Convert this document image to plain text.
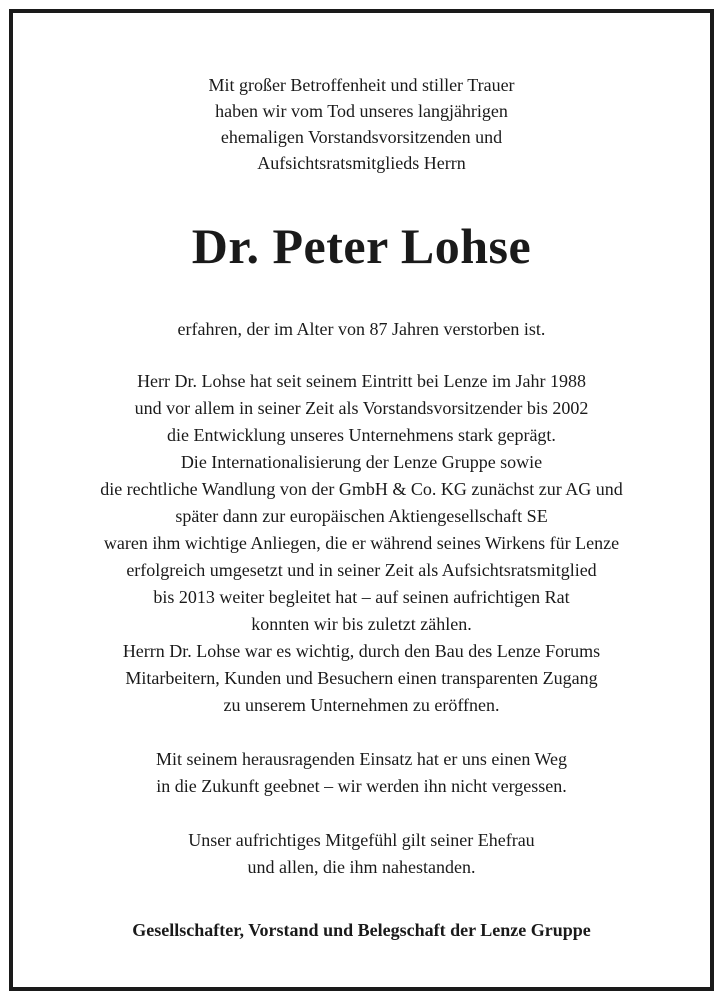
Mit großer Betroffenheit und stiller Trauer
haben wir vom Tod unseres langjährigen
ehemaligen Vorstandsvorsitzenden und
Aufsichtsratsmitglieds Herrn
Dr. Peter Lohse
erfahren, der im Alter von 87 Jahren verstorben ist.
Herr Dr. Lohse hat seit seinem Eintritt bei Lenze im Jahr 1988
und vor allem in seiner Zeit als Vorstandsvorsitzender bis 2002
die Entwicklung unseres Unternehmens stark geprägt.
Die Internationalisierung der Lenze Gruppe sowie
die rechtliche Wandlung von der GmbH & Co. KG zunächst zur AG und
später dann zur europäischen Aktiengesellschaft SE
waren ihm wichtige Anliegen, die er während seines Wirkens für Lenze
erfolgreich umgesetzt und in seiner Zeit als Aufsichtsratsmitglied
bis 2013 weiter begleitet hat – auf seinen aufrichtigen Rat
konnten wir bis zuletzt zählen.
Herrn Dr. Lohse war es wichtig, durch den Bau des Lenze Forums
Mitarbeitern, Kunden und Besuchern einen transparenten Zugang
zu unserem Unternehmen zu eröffnen.
Mit seinem herausragenden Einsatz hat er uns einen Weg
in die Zukunft geebnet – wir werden ihn nicht vergessen.
Unser aufrichtiges Mitgefühl gilt seiner Ehefrau
und allen, die ihm nahestanden.
Gesellschafter, Vorstand und Belegschaft der Lenze Gruppe
